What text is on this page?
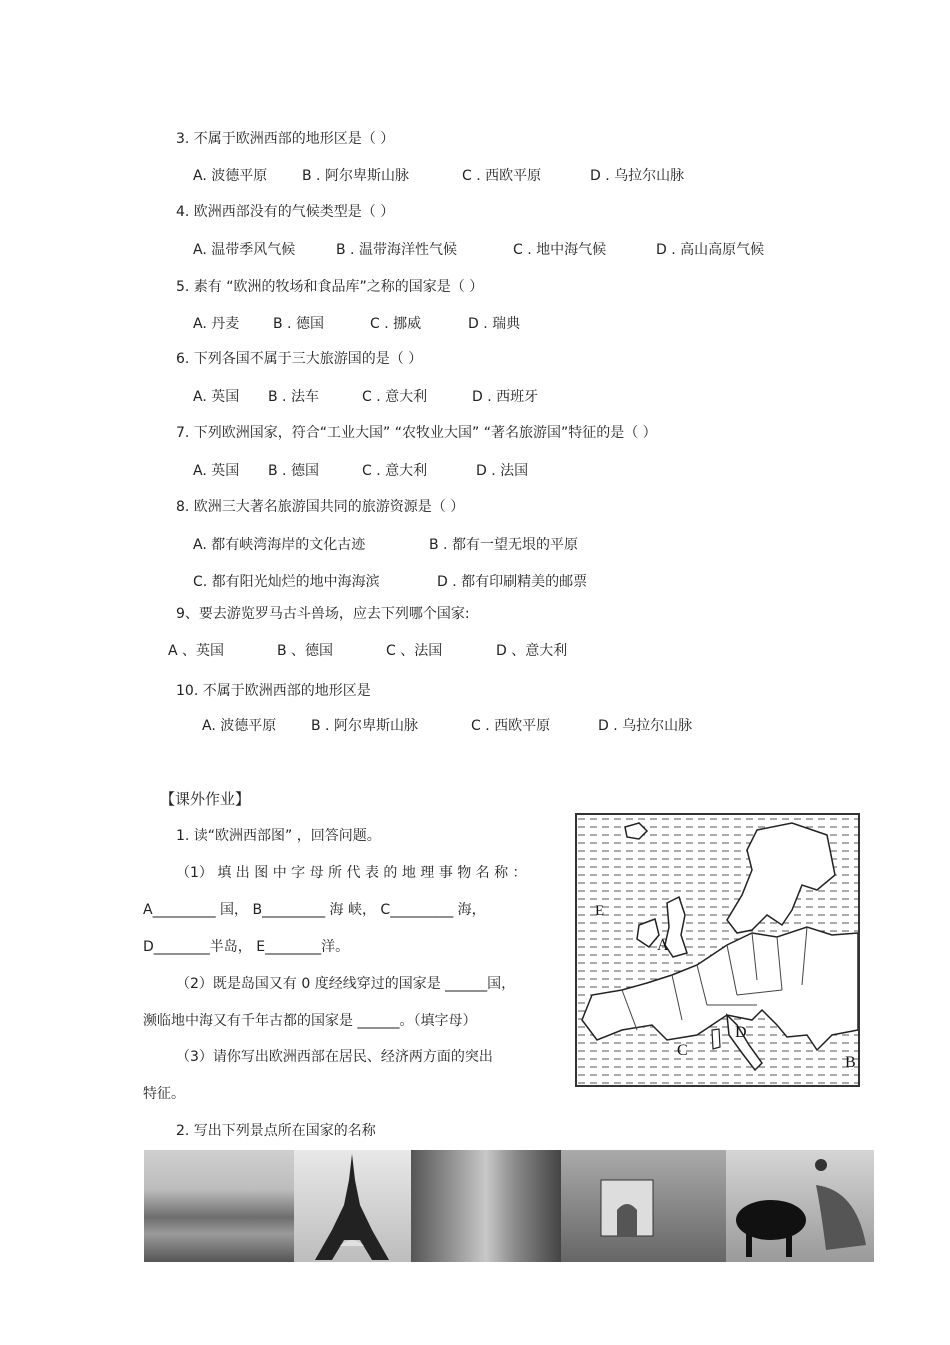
3. 不属于欧洲西部的地形区是（ ）
A. 波德平原 B . 阿尔卑斯山脉	C . 西欧平原	D . 乌拉尔山脉
4. 欧洲西部没有的气候类型是（ ）
A. 温带季风气候	B . 温带海洋性气候	C . 地中海气候	D . 高山高原气候
5. 素有 “欧洲的牧场和食品库”之称的国家是（ ）
A. 丹麦 B . 德国	C . 挪威	D . 瑞典
6. 下列各国不属于三大旅游国的是（ ）
A. 英国 B . 法车	C . 意大利	D . 西班牙
7. 下列欧洲国家，符合“工业大国” “农牧业大国” “著名旅游国”特征的是（ ）
A. 英国 B . 德国	C . 意大利	D . 法国
8. 欧洲三大著名旅游国共同的旅游资源是（ ）
A. 都有峡湾海岸的文化古迹	B . 都有一望无垠的平原
C. 都有阳光灿烂的地中海海滨	D . 都有印刷精美的邮票
9、要去游览罗马古斗兽场，应去下列哪个国家:
A 、英国	B 、德国	C 、法国	D 、意大利
10. 不属于欧洲西部的地形区是
A. 波德平原 B . 阿尔卑斯山脉	C . 西欧平原	D . 乌拉尔山脉
【课外作业】
1. 读“欧洲西部图” ，回答问题。
（1） 填 出 图 中 字 母 所 代 表 的 地 理 事 物 名 称 ：
A_________ 国， B_________ 海 峡， C_________ 海，
D________半岛， E________洋。
（2）既是岛国又有 0 度经线穿过的国家是 ______国，
濒临地中海又有千年古都的国家是 ______。（填字母）
（3）请你写出欧洲西部在居民、经济两方面的突出
特征。
2. 写出下列景点所在国家的名称
E
A
C
D
B
